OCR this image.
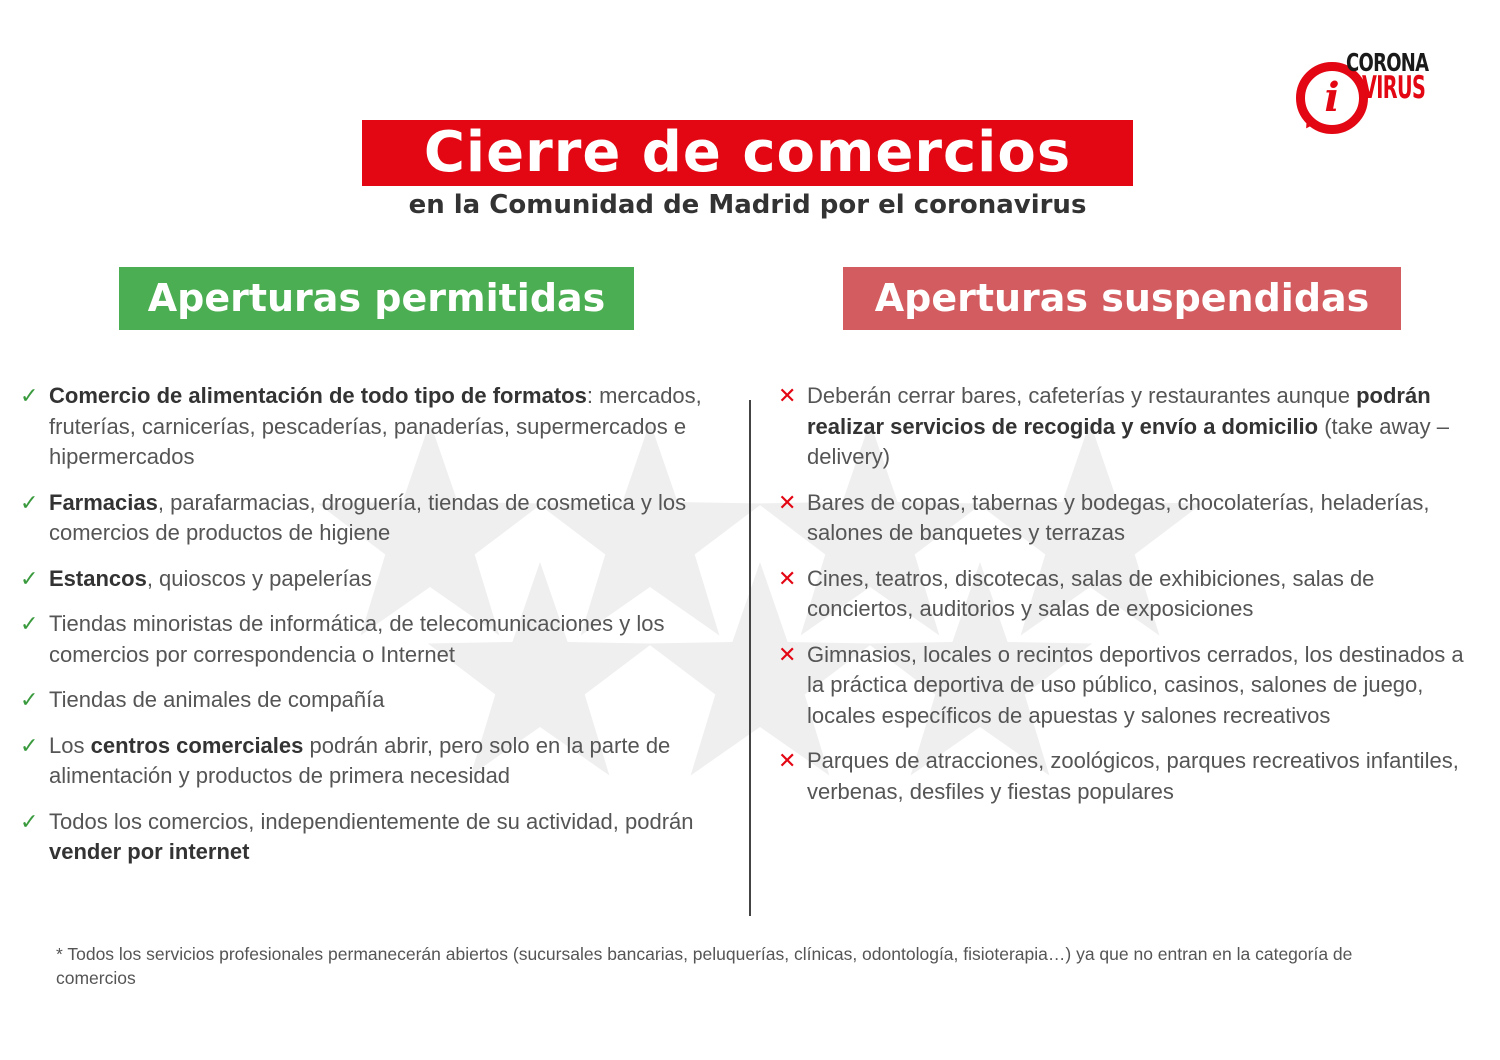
i
CORONA
VIRUS
Cierre de comercios
en la Comunidad de Madrid por el coronavirus
Aperturas permitidas	Aperturas suspendidas
✓ Comercio de alimentación de todo tipo de formatos: mercados, fruterías, carnicerías, pescaderías, panaderías, supermercados e hipermercados
✓ Farmacias, parafarmacias, droguería, tiendas de cosmetica y los comercios de productos de higiene
✓ Estancos, quioscos y papelerías
✓ Tiendas minoristas de informática, de telecomunicaciones y los comercios por correspondencia o Internet
✓ Tiendas de animales de compañía
✓ Los centros comerciales podrán abrir, pero solo en la parte de alimentación y productos de primera necesidad
✓ Todos los comercios, independientemente de su actividad, podrán vender por internet
✕ Deberán cerrar bares, cafeterías y restaurantes aunque podrán realizar servicios de recogida y envío a domicilio (take away – delivery)
✕ Bares de copas, tabernas y bodegas, chocolaterías, heladerías, salones de banquetes y terrazas
✕ Cines, teatros, discotecas, salas de exhibiciones, salas de conciertos, auditorios y salas de exposiciones
✕ Gimnasios, locales o recintos deportivos cerrados, los destinados a la práctica deportiva de uso público, casinos, salones de juego, locales específicos de apuestas y salones recreativos
✕ Parques de atracciones, zoológicos, parques recreativos infantiles, verbenas, desfiles y fiestas populares
* Todos los servicios profesionales permanecerán abiertos (sucursales bancarias, peluquerías, clínicas, odontología, fisioterapia…) ya que no entran en la categoría de comercios
